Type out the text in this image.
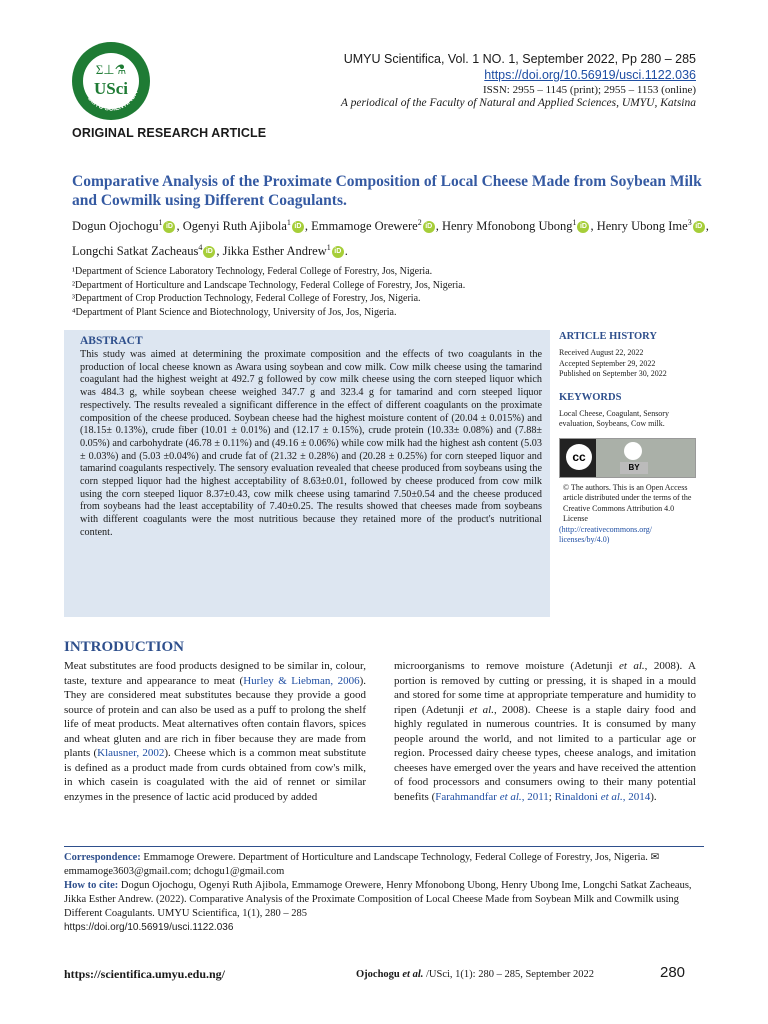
Σ⊥⚗
USci
UMYU SCIENTIFICA
UMYU Scientifica, Vol. 1 NO. 1, September 2022, Pp 280 – 285
https://doi.org/10.56919/usci.1122.036
ISSN: 2955 – 1145 (print); 2955 – 1153 (online)
A periodical of the Faculty of Natural and Applied Sciences, UMYU, Katsina
ORIGINAL RESEARCH ARTICLE
Comparative Analysis of the Proximate Composition of Local Cheese Made from Soybean Milk and Cowmilk using Different Coagulants.
Dogun Ojochogu$^1$ iD , Ogenyi Ruth Ajibola$^1$ iD , Emmamoge Orewere$^2$ iD , Henry Mfonobong Ubong$^1$ iD , Henry Ubong Ime$^3$ iD , Longchi Satkat Zacheaus$^4$ iD , Jikka Esther Andrew$^1$ iD .
¹Department of Science Laboratory Technology, Federal College of Forestry, Jos, Nigeria.
²Department of Horticulture and Landscape Technology, Federal College of Forestry, Jos, Nigeria.
³Department of Crop Production Technology, Federal College of Forestry, Jos, Nigeria.
⁴Department of Plant Science and Biotechnology, University of Jos, Jos, Nigeria.
ABSTRACT
This study was aimed at determining the proximate composition and the effects of two coagulants in the production of local cheese known as Awara using soybean and cow milk. Cow milk cheese using the tamarind coagulant had the highest weight at 492.7 g followed by cow milk cheese using the corn steeped liquor which was 484.3 g, while soybean cheese weighed 347.7 g and 323.4 g for tamarind and corn steeped liquor respectively. The results revealed a significant difference in the effect of different coagulants on the proximate composition of the cheese produced. Soybean cheese had the highest moisture content of (20.04 ± 0.015%) and (18.15± 0.13%), crude fiber (10.01 ± 0.01%) and (12.17 ± 0.15%), crude protein (10.33± 0.08%) and (7.88± 0.05%) and carbohydrate (46.78 ± 0.11%) and (49.16 ± 0.06%) while cow milk had the highest ash content (5.03 ± 0.03%) and (5.03 ±0.04%) and crude fat of (21.32 ± 0.28%) and (20.28 ± 0.25%) for corn steeped liquor and tamarind coagulants respectively. The sensory evaluation revealed that cheese produced from soybeans using the corn stepped liquor had the highest acceptability of 8.63±0.01, followed by cheese produced from cow milk using the corn steeped liquor 8.37±0.43, cow milk cheese using tamarind 7.50±0.54 and the cheese produced from soybeans had the least acceptability of 7.40±0.25. The results showed that cheeses made from soybeans with different coagulants were the most nutritious because they retained more of the product's nutritional content.
ARTICLE HISTORY
Received August 22, 2022
Accepted September 29, 2022
Published on September 30, 2022
KEYWORDS
Local Cheese, Coagulant, Sensory evaluation, Soybeans, Cow milk.
cc
BY
© The authors. This is an Open Access article distributed under the terms of the Creative Commons Attribution 4.0 License
(http://creativecommons.org/ licenses/by/4.0)
INTRODUCTION
Meat substitutes are food products designed to be similar in, colour, taste, texture and appearance to meat (Hurley & Liebman, 2006). They are considered meat substitutes because they provide a good source of protein and can also be used as a puff to prolong the shelf life of meat products. Meat alternatives often contain flavors, spices and wheat gluten and are rich in fiber because they are made from plants (Klausner, 2002). Cheese which is a common meat substitute is defined as a product made from curds obtained from cow's milk, in which casein is coagulated with the aid of rennet or similar enzymes in the presence of lactic acid produced by added
microorganisms to remove moisture (Adetunji et al., 2008). A portion is removed by cutting or pressing, it is shaped in a mould and stored for some time at appropriate temperature and humidity to ripen (Adetunji et al., 2008). Cheese is a staple dairy food and highly regulated in numerous countries. It is consumed by many people around the world, and not limited to a particular age or region. Processed dairy cheese types, cheese analogs, and imitation cheeses have emerged over the years and have received the attention of food processors and consumers owing to their many potential benefits (Farahmandfar et al., 2011; Rinaldoni et al., 2014).
Correspondence: Emmamoge Orewere. Department of Horticulture and Landscape Technology, Federal College of Forestry, Jos, Nigeria. ✉ emmamoge3603@gmail.com; dchogu1@gmail.com
How to cite: Dogun Ojochogu, Ogenyi Ruth Ajibola, Emmamoge Orewere, Henry Mfonobong Ubong, Henry Ubong Ime, Longchi Satkat Zacheaus, Jikka Esther Andrew. (2022). Comparative Analysis of the Proximate Composition of Local Cheese Made from Soybean Milk and Cowmilk using Different Coagulants. UMYU Scientifica, 1(1), 280 – 285
https://doi.org/10.56919/usci.1122.036
https://scientifica.umyu.edu.ng/	Ojochogu et al. /USci, 1(1): 280 – 285, September 2022	280
